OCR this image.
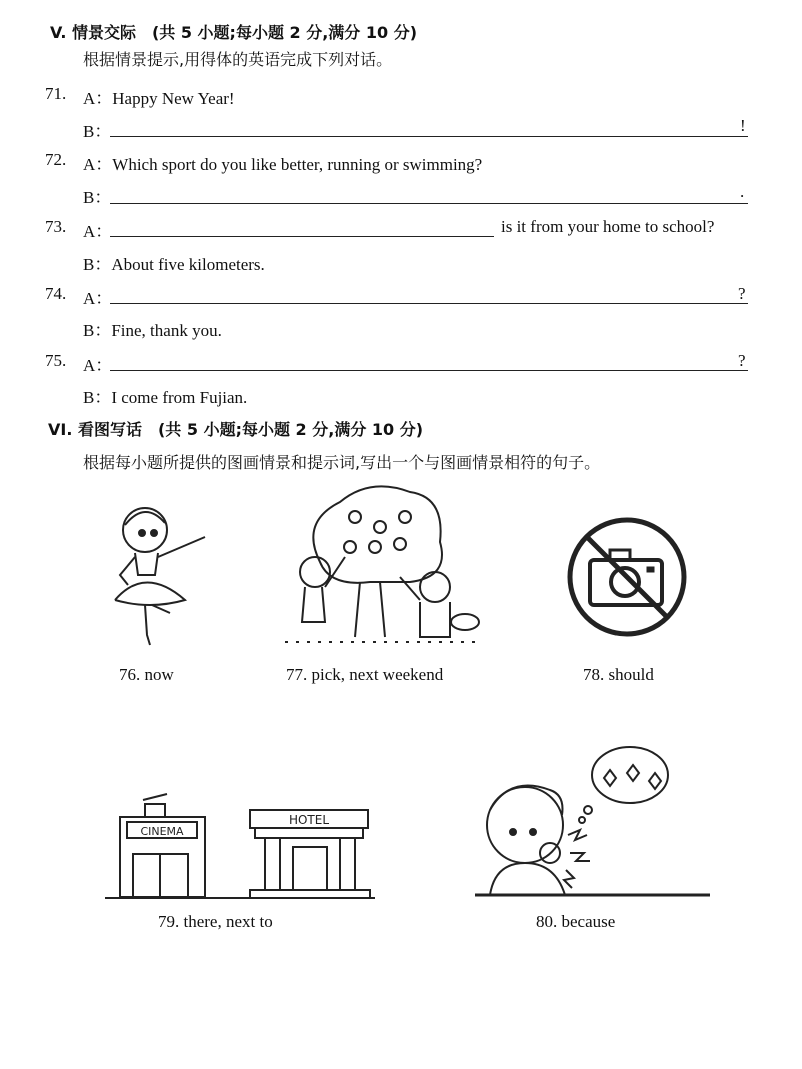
V. 情景交际　(共 5 小题;每小题 2 分,满分 10 分)
根据情景提示,用得体的英语完成下列对话。
71. A：Happy New Year!
B：	!
72. A：Which sport do you like better, running or swimming?
B：	.
73. A：	is it from your home to school?
B：About five kilometers.
74. A：	?
B：Fine, thank you.
75. A：	?
B：I come from Fujian.
VI. 看图写话　(共 5 小题;每小题 2 分,满分 10 分)
根据每小题所提供的图画情景和提示词,写出一个与图画情景相符的句子。
76. now	77. pick, next weekend	78. should
CINEMA
HOTEL
79. there, next to	80. because
